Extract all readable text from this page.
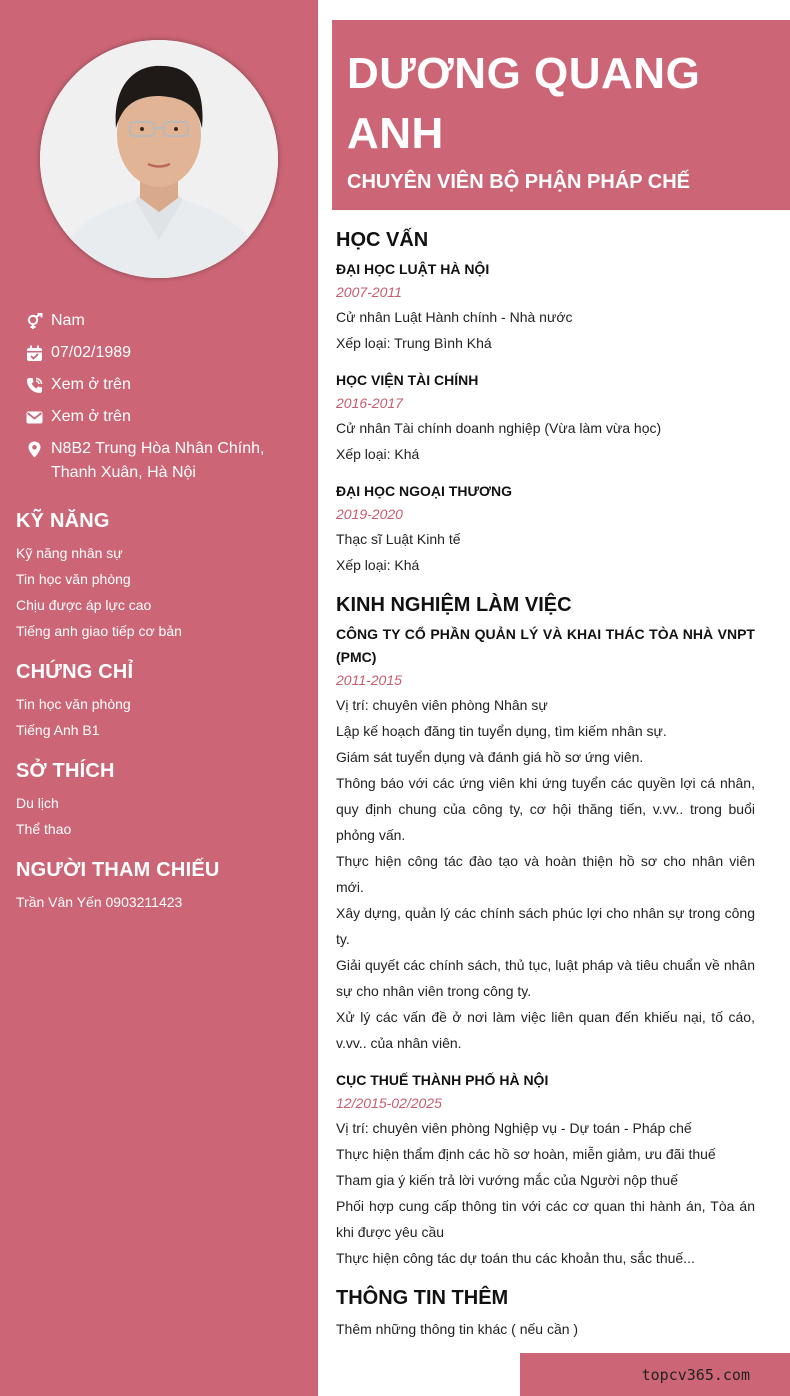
Nam
07/02/1989
Xem ở trên
Xem ở trên
N8B2 Trung Hòa Nhân Chính, Thanh Xuân, Hà Nội
KỸ NĂNG
Kỹ năng nhân sự
Tin học văn phòng
Chịu được áp lực cao
Tiếng anh giao tiếp cơ bản
CHỨNG CHỈ
Tin học văn phòng
Tiếng Anh B1
SỞ THÍCH
Du lịch
Thể thao
NGƯỜI THAM CHIẾU
Trần Vân Yến 0903211423
DƯƠNG QUANG ANH
CHUYÊN VIÊN BỘ PHẬN PHÁP CHẾ
HỌC VẤN
ĐẠI HỌC LUẬT HÀ NỘI
2007-2011
Cử nhân Luật Hành chính - Nhà nước
Xếp loại: Trung Bình Khá
HỌC VIỆN TÀI CHÍNH
2016-2017
Cử nhân Tài chính doanh nghiệp (Vừa làm vừa học)
Xếp loại: Khá
ĐẠI HỌC NGOẠI THƯƠNG
2019-2020
Thạc sĩ Luật Kinh tế
Xếp loại: Khá
KINH NGHIỆM LÀM VIỆC
CÔNG TY CỔ PHẦN QUẢN LÝ VÀ KHAI THÁC TÒA NHÀ VNPT (PMC)
2011-2015
Vị trí: chuyên viên phòng Nhân sự
Lập kế hoạch đăng tin tuyển dụng, tìm kiếm nhân sự.
Giám sát tuyển dụng và đánh giá hồ sơ ứng viên.
Thông báo với các ứng viên khi ứng tuyển các quyền lợi cá nhân, quy định chung của công ty, cơ hội thăng tiến, v.vv.. trong buổi phỏng vấn.
Thực hiện công tác đào tạo và hoàn thiện hồ sơ cho nhân viên mới.
Xây dựng, quản lý các chính sách phúc lợi cho nhân sự trong công ty.
Giải quyết các chính sách, thủ tục, luật pháp và tiêu chuẩn về nhân sự cho nhân viên trong công ty.
Xử lý các vấn đề ở nơi làm việc liên quan đến khiếu nại, tố cáo, v.vv.. của nhân viên.
CỤC THUẾ THÀNH PHỐ HÀ NỘI
12/2015-02/2025
Vị trí: chuyên viên phòng Nghiệp vụ - Dự toán - Pháp chế
Thực hiện thẩm định các hồ sơ hoàn, miễn giảm, ưu đãi thuế
Tham gia ý kiến trả lời vướng mắc của Người nộp thuế
Phối hợp cung cấp thông tin với các cơ quan thi hành án, Tòa án khi được yêu cầu
Thực hiện công tác dự toán thu các khoản thu, sắc thuế...
THÔNG TIN THÊM
Thêm những thông tin khác ( nếu cần )
topcv365.com
